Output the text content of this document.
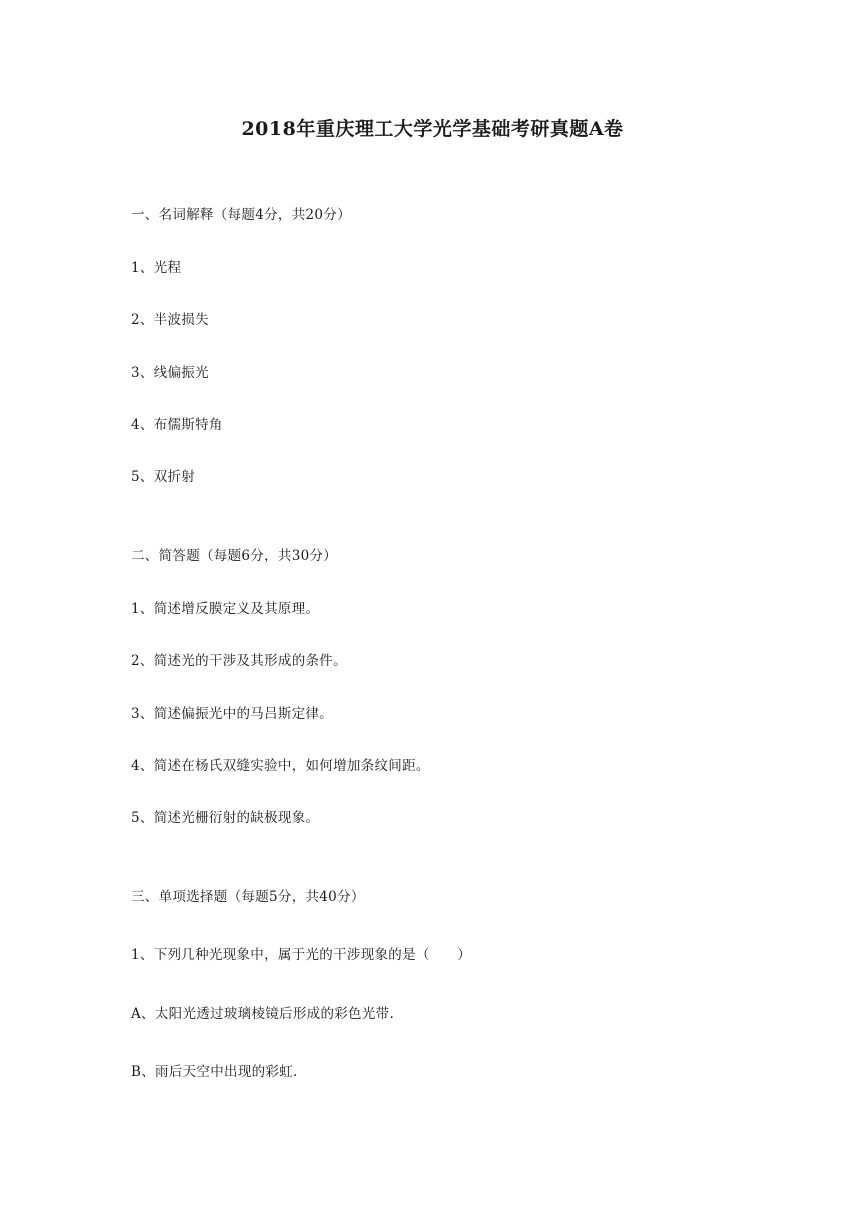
2018年重庆理工大学光学基础考研真题A卷
一、名词解释（每题4分，共20分）
1、光程
2、半波损失
3、线偏振光
4、布儒斯特角
5、双折射
二、简答题（每题6分，共30分）
1、简述增反膜定义及其原理。
2、简述光的干涉及其形成的条件。
3、简述偏振光中的马吕斯定律。
4、简述在杨氏双缝实验中，如何增加条纹间距。
5、简述光栅衍射的缺极现象。
三、单项选择题（每题5分，共40分）
1、下列几种光现象中，属于光的干涉现象的是（　　）
A、太阳光透过玻璃棱镜后形成的彩色光带.
B、雨后天空中出现的彩虹.
